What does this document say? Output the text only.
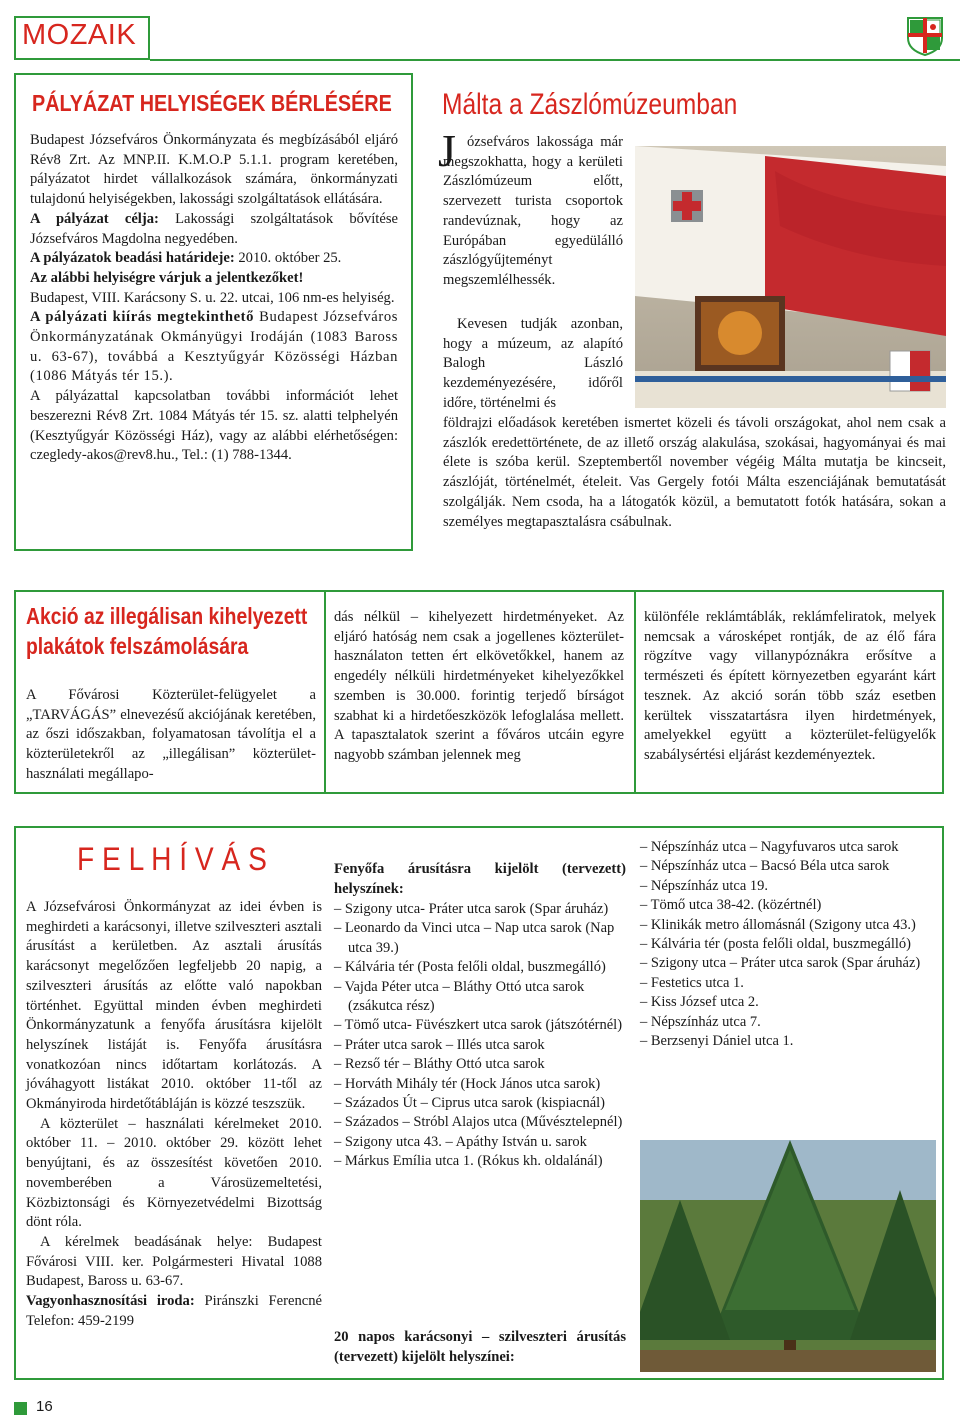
MOZAIK
PÁLYÁZAT HELYISÉGEK BÉRLÉSÉRE

Budapest Józsefváros Önkormányzata és megbízásából eljáró Rév8 Zrt. Az MNP.II. K.M.O.P 5.1.1. program keretében, pályázatot hirdet vállalkozások számára, önkormányzati tulajdonú helyiségekben, lakossági szolgáltatások ellátására.

A pályázat célja: Lakossági szolgáltatások bővítése Józsefváros Magdolna negyedében.

A pályázatok beadási határideje: 2010. október 25.

Az alábbi helyiségre várjuk a jelentkezőket!

Budapest, VIII. Karácsony S. u. 22. utcai, 106 nm-es helyiség.

A pályázati kiírás megtekinthető Budapest Józsefváros Önkormányzatának Okmányügyi Irodáján (1083 Baross u. 63-67), továbbá a Kesztyűgyár Közösségi Házban (1086 Mátyás tér 15.).

A pályázattal kapcsolatban további információt lehet beszerezni Rév8 Zrt. 1084 Mátyás tér 15. sz. alatti telphelyén (Kesztyűgyár Közösségi Ház), vagy az alábbi elérhetőségen: czegledy-akos@rev8.hu., Tel.: (1) 788-1344.

Málta a Zászlómúzeumban
J ózsefváros lakossága már megszokhatta, hogy a kerületi Zászlómúzeum előtt, szervezett turista csoportok randevúznak, hogy az Európában egyedülálló zászlógyűjteményt megszemlélhessék.
Kevesen tudják azonban, hogy a múzeum, az alapító Balogh László kezdeményezésére, időről időre, történelmi és
földrajzi előadások keretében ismertet közeli és távoli országokat, ahol nem csak a zászlók eredettörténete, de az illető ország alakulása, szokásai, hagyományai és mai élete is szóba kerül. Szeptembertől november végéig Málta mutatja be kincseit, zászlóját, történelmét, ételeit. Vas Gergely fotói Málta eszenciájának bemutatását szolgálják. Nem csoda, ha a látogatók közül, a bemutatott fotók hatására, sokan a személyes megtapasztalásra csábulnak.
Akció az illegálisan kihelyezett
plakátok felszámolására
A Fővárosi Közterület-felügyelet a „TARVÁGÁS” elnevezésű akciójának keretében, az őszi időszakban, folyamatosan távolítja el a közterületekről az „illegálisan” közterület-használati megállapo-
dás nélkül – kihelyezett hirdetményeket. Az eljáró hatóság nem csak a jogellenes közterület-használaton tetten ért elkövetőkkel, hanem az engedély nélküli hirdetményeket kihelyezőkkel szemben is 30.000. forintig terjedő bírságot szabhat ki a hirdetőeszközök lefoglalása mellett. A tapasztalatok szerint a főváros utcáin egyre nagyobb számban jelennek meg
különféle reklámtáblák, reklámfeliratok, melyek nemcsak a városképet rontják, de az élő fára rögzítve vagy villanypóznákra erősítve a természeti és épített környezetben egyaránt kárt tesznek. Az akció során több száz esetben kerültek visszatartásra ilyen hirdetmények, amelyekkel együtt a közterület-felügyelők szabálysértési eljárást kezdeményeztek.
F E L H Í V Á S

A Józsefvárosi Önkormányzat az idei évben is meghirdeti a karácsonyi, illetve szilveszteri asztali árusítást a kerületben. Az asztali árusítás karácsonyt megelőzően legfeljebb 20 napig, a szilveszteri árusítás az előtte való napokban történhet. Együttal minden évben meghirdeti Önkormányzatunk a fenyőfa árusításra kijelölt helyszínek listáját is. Fenyőfa árusításra vonatkozóan nincs időtartam korlátozás. A jóváhagyott listákat 2010. október 11-től az Okmányiroda hirdetőtábláján is közzé teszszük.

A közterület – használati kérelmeket 2010. október 11. – 2010. október 29. között lehet benyújtani, és az összesítést követően 2010. novemberében a Városüzemeltetési, Közbiztonsági és Környezetvédelmi Bizottság dönt róla.

A kérelmek beadásának helye: Budapest Fővárosi VIII. ker. Polgármesteri Hivatal 1088 Budapest, Baross u. 63-67.

Vagyonhasznosítási iroda: Piránszki Ferencné Telefon: 459-2199

Fenyőfa árusításra kijelölt (tervezett) helyszínek:
– Szigony utca- Práter utca sarok (Spar áruház)
– Leonardo da Vinci utca – Nap utca sarok (Nap utca 39.)
– Kálvária tér (Posta felőli oldal, buszmegálló)
– Vajda Péter utca – Bláthy Ottó utca sarok (zsákutca rész)
– Tömő utca- Füvészkert utca sarok (játszótérnél)
– Práter utca sarok – Illés utca sarok
– Rezső tér – Bláthy Ottó utca sarok
– Horváth Mihály tér (Hock János utca sarok)
– Százados Út – Ciprus utca sarok (kispiacnál)
– Százados – Stróbl Alajos utca (Művésztelepnél)
– Szigony utca 43. – Apáthy István u. sarok
– Márkus Emília utca 1. (Rókus kh. oldalánál)
20 napos karácsonyi – szilveszteri árusítás (tervezett) kijelölt helyszínei:
– Népszínház utca – Nagyfuvaros utca sarok
– Népszínház utca – Bacsó Béla utca sarok
– Népszínház utca 19.
– Tömő utca 38-42. (közértnél)
– Klinikák metro állomásnál (Szigony utca 43.)
– Kálvária tér (posta felőli oldal, buszmegálló)
– Szigony utca – Práter utca sarok (Spar áruház)
– Festetics utca 1.
– Kiss József utca 2.
– Népszínház utca 7.
– Berzsenyi Dániel utca 1.
16
